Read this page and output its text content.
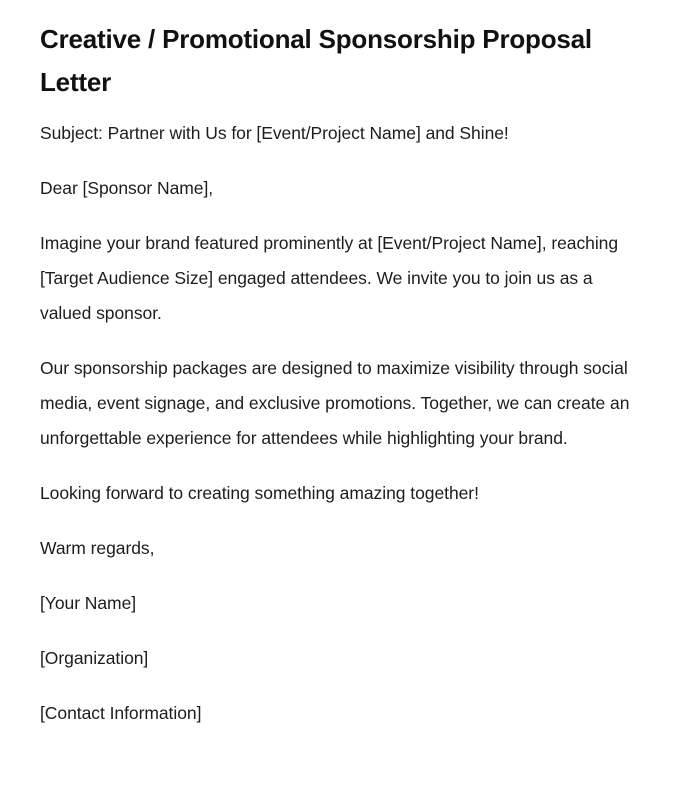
Creative / Promotional Sponsorship Proposal Letter

Subject: Partner with Us for [Event/Project Name] and Shine!

Dear [Sponsor Name],

Imagine your brand featured prominently at [Event/Project Name], reaching [Target Audience Size] engaged attendees. We invite you to join us as a valued sponsor.

Our sponsorship packages are designed to maximize visibility through social media, event signage, and exclusive promotions. Together, we can create an unforgettable experience for attendees while highlighting your brand.

Looking forward to creating something amazing together!

Warm regards,

[Your Name]

[Organization]

[Contact Information]
